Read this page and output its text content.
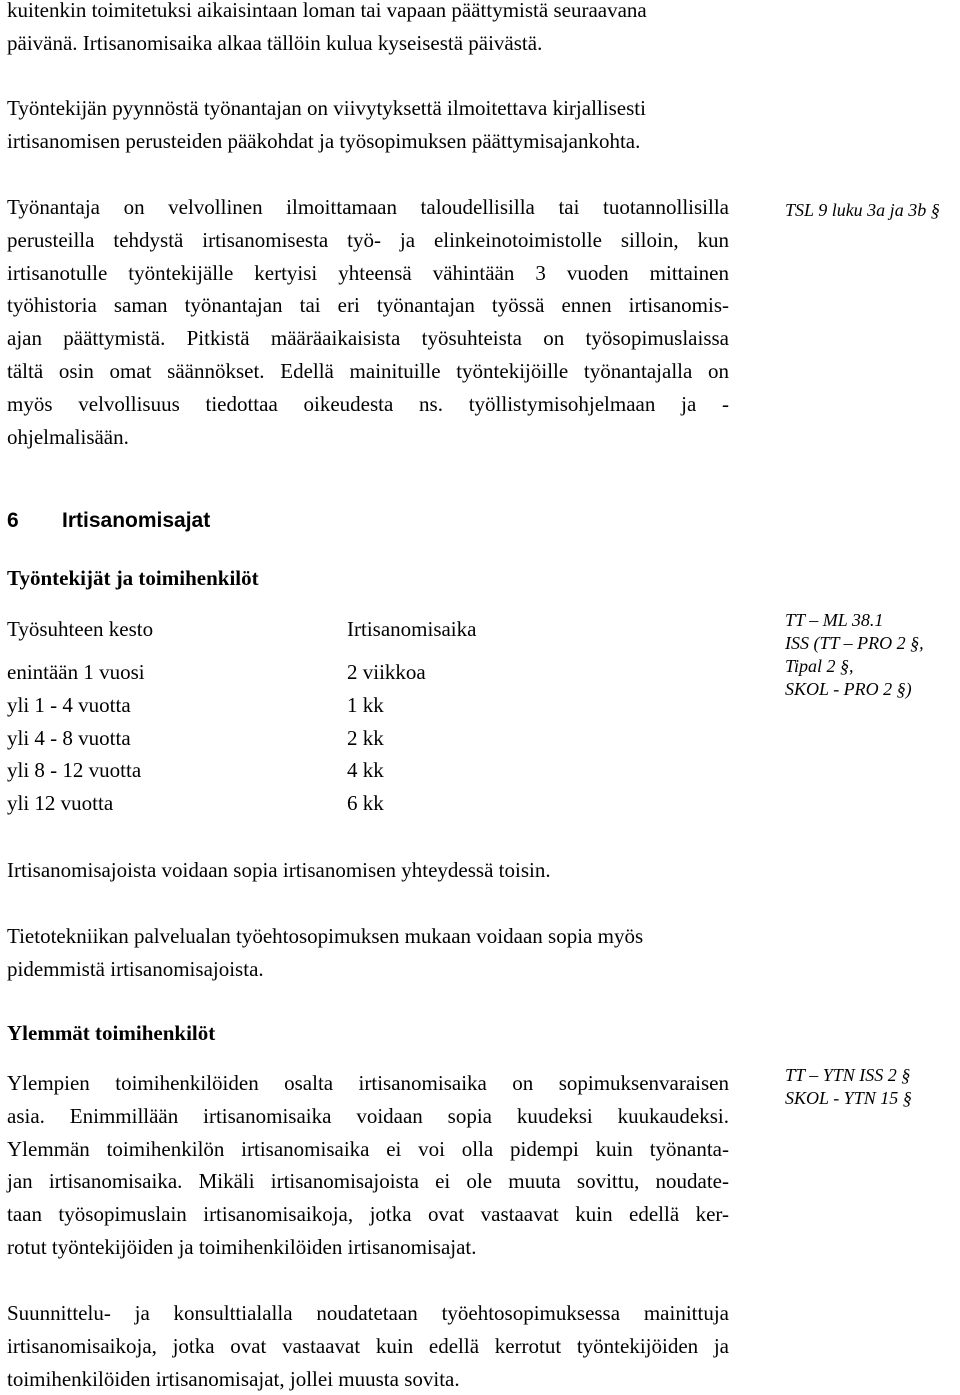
kuitenkin toimitetuksi aikaisintaan loman tai vapaan päättymistä seuraavana
päivänä. Irtisanomisaika alkaa tällöin kulua kyseisestä päivästä.
Työntekijän pyynnöstä työnantajan on viivytyksettä ilmoitettava kirjallisesti
irtisanomisen perusteiden pääkohdat ja työsopimuksen päättymisajankohta.
Työnantaja on velvollinen ilmoittamaan taloudellisilla tai tuotannollisilla
perusteilla tehdystä irtisanomisesta työ- ja elinkeinotoimistolle silloin, kun
irtisanotulle työntekijälle kertyisi yhteensä vähintään 3 vuoden mittainen
työhistoria saman työnantajan tai eri työnantajan työssä ennen irtisanomis-
ajan päättymistä. Pitkistä määräaikaisista työsuhteista on työsopimuslaissa
tältä osin omat säännökset. Edellä mainituille työntekijöille työnantajalla on
myös velvollisuus tiedottaa oikeudesta ns. työllistymisohjelmaan ja -
ohjelmalisään.
TSL 9 luku 3a ja 3b §
6 Irtisanomisajat
Työntekijät ja toimihenkilöt
Työsuhteen kesto	Irtisanomisaika
enintään 1 vuosi	2 viikkoa
yli 1 - 4 vuotta	1 kk
yli 4 - 8 vuotta	2 kk
yli 8 - 12 vuotta	4 kk
yli 12 vuotta	6 kk
TT – ML 38.1
ISS (TT – PRO 2 §,
Tipal 2 §,
SKOL - PRO 2 §)
Irtisanomisajoista voidaan sopia irtisanomisen yhteydessä toisin.
Tietotekniikan palvelualan työehtosopimuksen mukaan voidaan sopia myös
pidemmistä irtisanomisajoista.
Ylemmät toimihenkilöt
Ylempien toimihenkilöiden osalta irtisanomisaika on sopimuksenvaraisen
asia. Enimmillään irtisanomisaika voidaan sopia kuudeksi kuukaudeksi.
Ylemmän toimihenkilön irtisanomisaika ei voi olla pidempi kuin työnanta-
jan irtisanomisaika. Mikäli irtisanomisajoista ei ole muuta sovittu, noudate-
taan työsopimuslain irtisanomisaikoja, jotka ovat vastaavat kuin edellä ker-
rotut työntekijöiden ja toimihenkilöiden irtisanomisajat.
TT – YTN ISS 2 §
SKOL - YTN 15 §
Suunnittelu- ja konsulttialalla noudatetaan työehtosopimuksessa mainittuja
irtisanomisaikoja, jotka ovat vastaavat kuin edellä kerrotut työntekijöiden ja
toimihenkilöiden irtisanomisajat, jollei muusta sovita.
